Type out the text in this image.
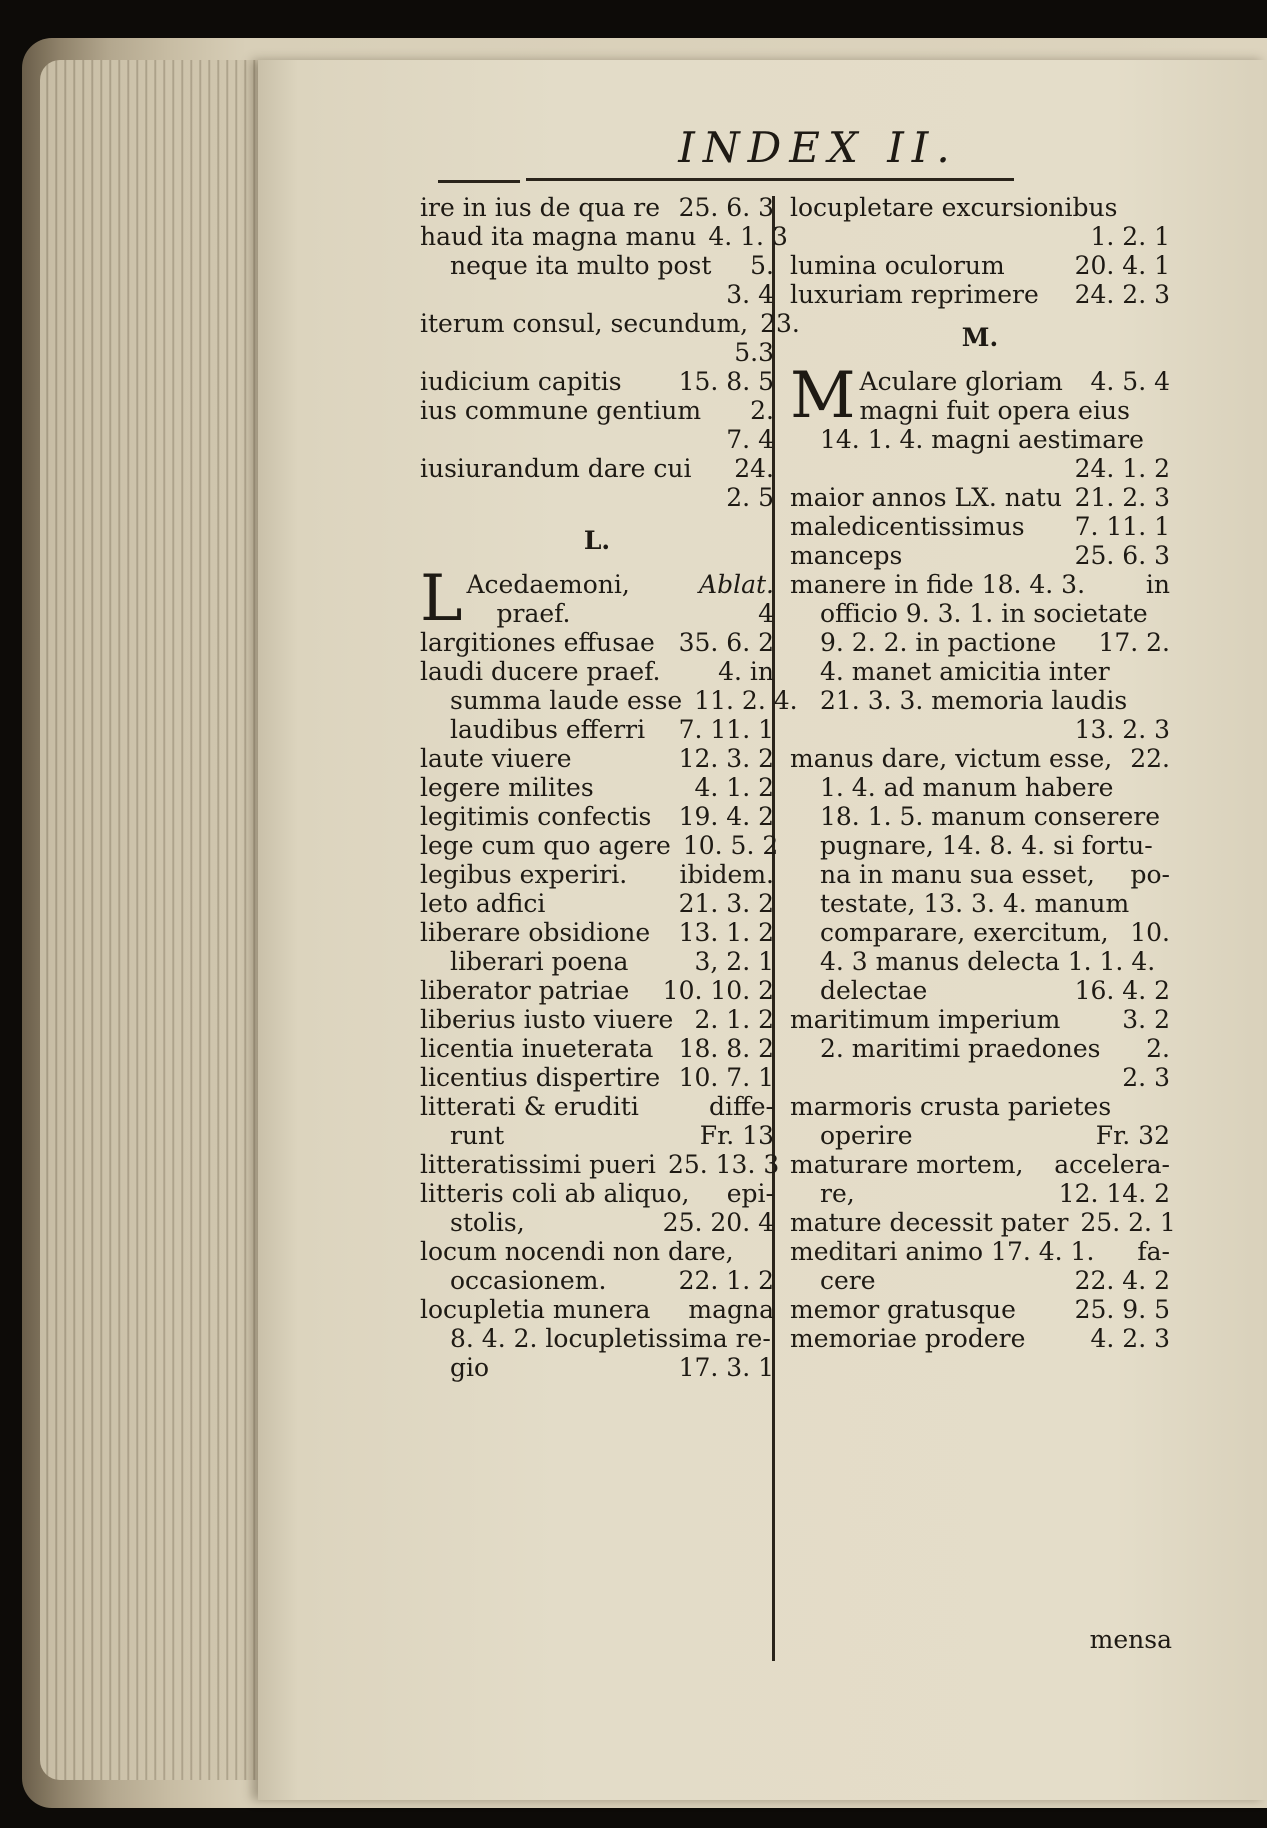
INDEX II.
ire in ius de qua re 25. 6. 3
haud ita magna manu 4. 1. 3
neque ita multo post	5.
3. 4
iterum consul, secundum, 23.
5.3
iudicium capitis	15. 8. 5
ius commune gentium	2.
7. 4
iusiurandum dare cui	24.
2. 5
L.
L Acedaemoni,	Ablat.
praef.	4
largitiones effusae 35. 6. 2
laudi ducere praef.	4. in
summa laude esse 11. 2. 4.
laudibus efferri	7. 11. 1
laute viuere	12. 3. 2
legere milites	4. 1. 2
legitimis confectis	19. 4. 2
lege cum quo agere 10. 5. 2
legibus experiri.	ibidem.
leto adfici	21. 3. 2
liberare obsidione	13. 1. 2
liberari poena	3, 2. 1
liberator patriae	10. 10. 2
liberius iusto viuere 2. 1. 2
licentia inueterata	18. 8. 2
licentius dispertire 10. 7. 1
litterati & eruditi	diffe-
runt	Fr. 13
litteratissimi pueri 25. 13. 3
litteris coli ab aliquo,	epi-
stolis,	25. 20. 4
locum nocendi non dare,
occasionem.	22. 1. 2
locupletia munera	magna
8. 4. 2. locupletissima re-
gio	17. 3. 1
locupletare excursionibus
1. 2. 1
lumina oculorum	20. 4. 1
luxuriam reprimere	24. 2. 3
M.
M Aculare gloriam	4. 5. 4
magni fuit opera eius
14. 1. 4. magni aestimare
24. 1. 2
maior annos LX. natu 21. 2. 3
maledicentissimus	7. 11. 1
manceps	25. 6. 3
manere in fide 18. 4. 3.	in
officio 9. 3. 1. in societate
9. 2. 2. in pactione	17. 2.
4. manet amicitia inter
21. 3. 3. memoria laudis
13. 2. 3
manus dare, victum esse, 22.
1. 4. ad manum habere
18. 1. 5. manum conserere
pugnare, 14. 8. 4. si fortu-
na in manu sua esset,	po-
testate, 13. 3. 4. manum
comparare, exercitum, 10.
4. 3 manus delecta 1. 1. 4.
delectae	16. 4. 2
maritimum imperium	3. 2
2. maritimi praedones	2.
2. 3
marmoris crusta parietes
operire	Fr. 32
maturare mortem,	accelera-
re,	12. 14. 2
mature decessit pater 25. 2. 1
meditari animo 17. 4. 1.	fa-
cere	22. 4. 2
memor gratusque	25. 9. 5
memoriae prodere	4. 2. 3
mensa
